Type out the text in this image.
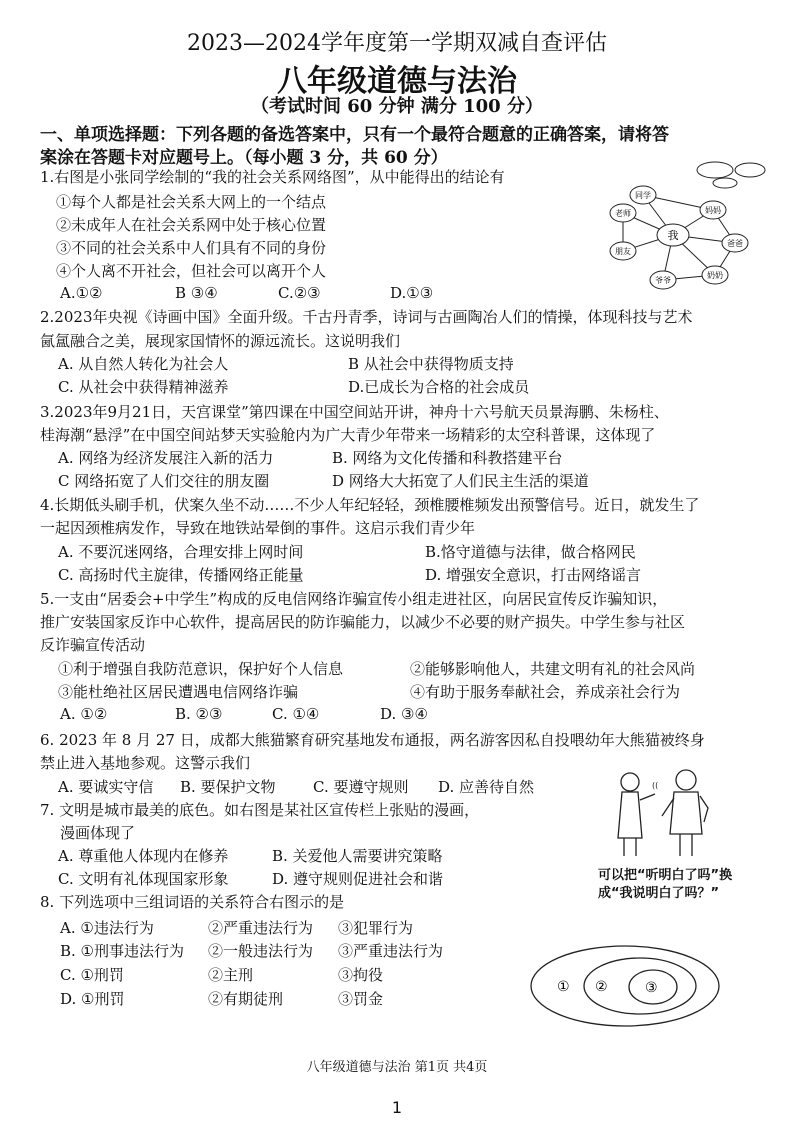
2023—2024学年度第一学期双减自查评估
八年级道德与法治
（考试时间 60 分钟 满分 100 分）
一、单项选择题：下列各题的备选答案中，只有一个最符合题意的正确答案，请将答
案涂在答题卡对应题号上。（每小题 3 分，共 60 分）
1.右图是小张同学绘制的“我的社会关系网络图”，从中能得出的结论有
①每个人都是社会关系大网上的一个结点
②未成年人在社会关系网中处于核心位置
③不同的社会关系中人们具有不同的身份
④个人离不开社会，但社会可以离开个人
A.①②	B ③④	C.②③	D.①③
我
同学
妈妈
老师
爸爸
朋友
爷爷
奶奶
2.2023年央视《诗画中国》全面升级。千古丹青季，诗词与古画陶冶人们的情操，体现科技与艺术
氤氲融合之美，展现家国情怀的源远流长。这说明我们
A. 从自然人转化为社会人	B 从社会中获得物质支持
C. 从社会中获得精神滋养	D.已成长为合格的社会成员
3.2023年9月21日，天宫课堂”第四课在中国空间站开讲，神舟十六号航天员景海鹏、朱杨柱、
桂海潮“悬浮”在中国空间站梦天实验舱内为广大青少年带来一场精彩的太空科普课，这体现了
A. 网络为经济发展注入新的活力	B. 网络为文化传播和科教搭建平台
C 网络拓宽了人们交往的朋友圈	D 网络大大拓宽了人们民主生活的渠道
4.长期低头刷手机，伏案久坐不动……不少人年纪轻轻，颈椎腰椎频发出预警信号。近日，就发生了
一起因颈椎病发作，导致在地铁站晕倒的事件。这启示我们青少年
A. 不要沉迷网络，合理安排上网时间	B.恪守道德与法律，做合格网民
C. 高扬时代主旋律，传播网络正能量	D. 增强安全意识，打击网络谣言
5.一支由“居委会+中学生”构成的反电信网络诈骗宣传小组走进社区，向居民宣传反诈骗知识，
推广安装国家反诈中心软件，提高居民的防诈骗能力，以减少不必要的财产损失。中学生参与社区
反诈骗宣传活动
①利于增强自我防范意识，保护好个人信息	②能够影响他人，共建文明有礼的社会风尚
③能杜绝社区居民遭遇电信网络诈骗	④有助于服务奉献社会，养成亲社会行为
A. ①②	B. ②③	C. ①④	D. ③④
6. 2023 年 8 月 27 日，成都大熊猫繁育研究基地发布通报，两名游客因私自投喂幼年大熊猫被终身
禁止进入基地参观。这警示我们
A. 要诚实守信 B. 要保护文物 C. 要遵守规则 D. 应善待自然
7. 文明是城市最美的底色。如右图是某社区宣传栏上张贴的漫画，
漫画体现了
A. 尊重他人体现内在修养	B. 关爱他人需要讲究策略
C. 文明有礼体现国家形象	D. 遵守规则促进社会和谐
((
可以把“听明白了吗”换
成“我说明白了吗？”
8. 下列选项中三组词语的关系符合右图示的是
A. ①违法行为	②严重违法行为 ③犯罪行为
B. ①刑事违法行为 ②一般违法行为 ③严重违法行为
C. ①刑罚	②主刑	③拘役
D. ①刑罚	②有期徒刑	③罚金
① ②	③
八年级道德与法治 第1页 共4页
1
